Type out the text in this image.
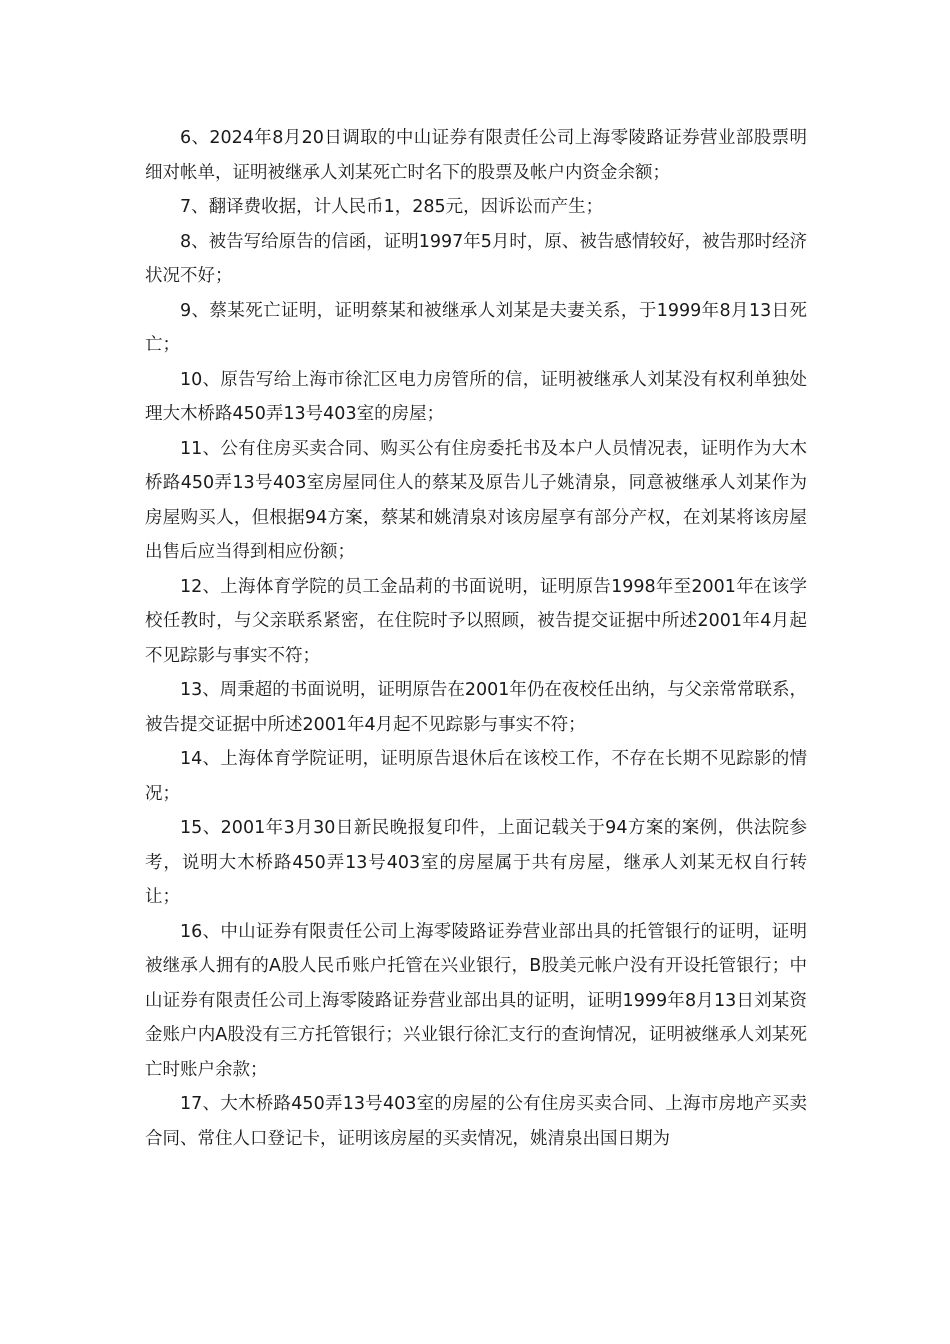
6、2024年8月20日调取的中山证券有限责任公司上海零陵路证券营业部股票明细对帐单，证明被继承人刘某死亡时名下的股票及帐户内资金余额；

7、翻译费收据，计人民币1，285元，因诉讼而产生；

8、被告写给原告的信函，证明1997年5月时，原、被告感情较好，被告那时经济状况不好；

9、蔡某死亡证明，证明蔡某和被继承人刘某是夫妻关系，于1999年8月13日死亡；

10、原告写给上海市徐汇区电力房管所的信，证明被继承人刘某没有权利单独处理大木桥路450弄13号403室的房屋；

11、公有住房买卖合同、购买公有住房委托书及本户人员情况表，证明作为大木桥路450弄13号403室房屋同住人的蔡某及原告儿子姚清泉，同意被继承人刘某作为房屋购买人，但根据94方案，蔡某和姚清泉对该房屋享有部分产权，在刘某将该房屋出售后应当得到相应份额；

12、上海体育学院的员工金品莉的书面说明，证明原告1998年至2001年在该学校任教时，与父亲联系紧密，在住院时予以照顾，被告提交证据中所述2001年4月起不见踪影与事实不符；

13、周秉超的书面说明，证明原告在2001年仍在夜校任出纳，与父亲常常联系，被告提交证据中所述2001年4月起不见踪影与事实不符；

14、上海体育学院证明，证明原告退休后在该校工作，不存在长期不见踪影的情况；

15、2001年3月30日新民晚报复印件，上面记载关于94方案的案例，供法院参考，说明大木桥路450弄13号403室的房屋属于共有房屋，继承人刘某无权自行转让；

16、中山证券有限责任公司上海零陵路证券营业部出具的托管银行的证明，证明被继承人拥有的A股人民币账户托管在兴业银行，B股美元帐户没有开设托管银行；中山证券有限责任公司上海零陵路证券营业部出具的证明，证明1999年8月13日刘某资金账户内A股没有三方托管银行；兴业银行徐汇支行的查询情况，证明被继承人刘某死亡时账户余款；

17、大木桥路450弄13号403室的房屋的公有住房买卖合同、上海市房地产买卖合同、常住人口登记卡，证明该房屋的买卖情况，姚清泉出国日期为
